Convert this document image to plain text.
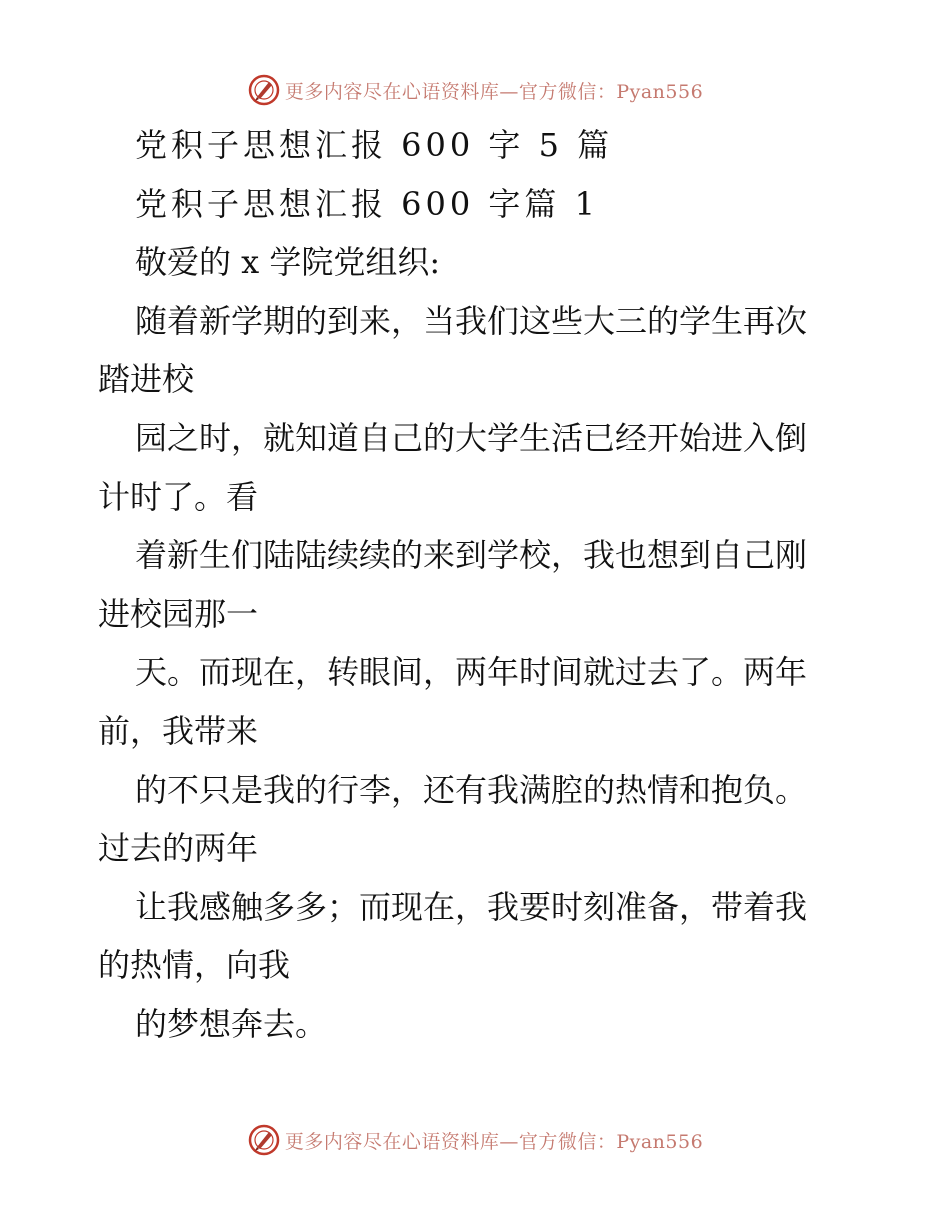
更多内容尽在心语资料库—官方微信：Pyan556
党积子思想汇报 600 字 5 篇
党积子思想汇报 600 字篇 1
敬爱的 x 学院党组织:
随着新学期的到来，当我们这些大三的学生再次
踏进校
园之时，就知道自己的大学生活已经开始进入倒
计时了。看
着新生们陆陆续续的来到学校，我也想到自己刚
进校园那一
天。而现在，转眼间，两年时间就过去了。两年
前，我带来
的不只是我的行李，还有我满腔的热情和抱负。
过去的两年
让我感触多多；而现在，我要时刻准备，带着我
的热情，向我
的梦想奔去。
更多内容尽在心语资料库—官方微信：Pyan556
